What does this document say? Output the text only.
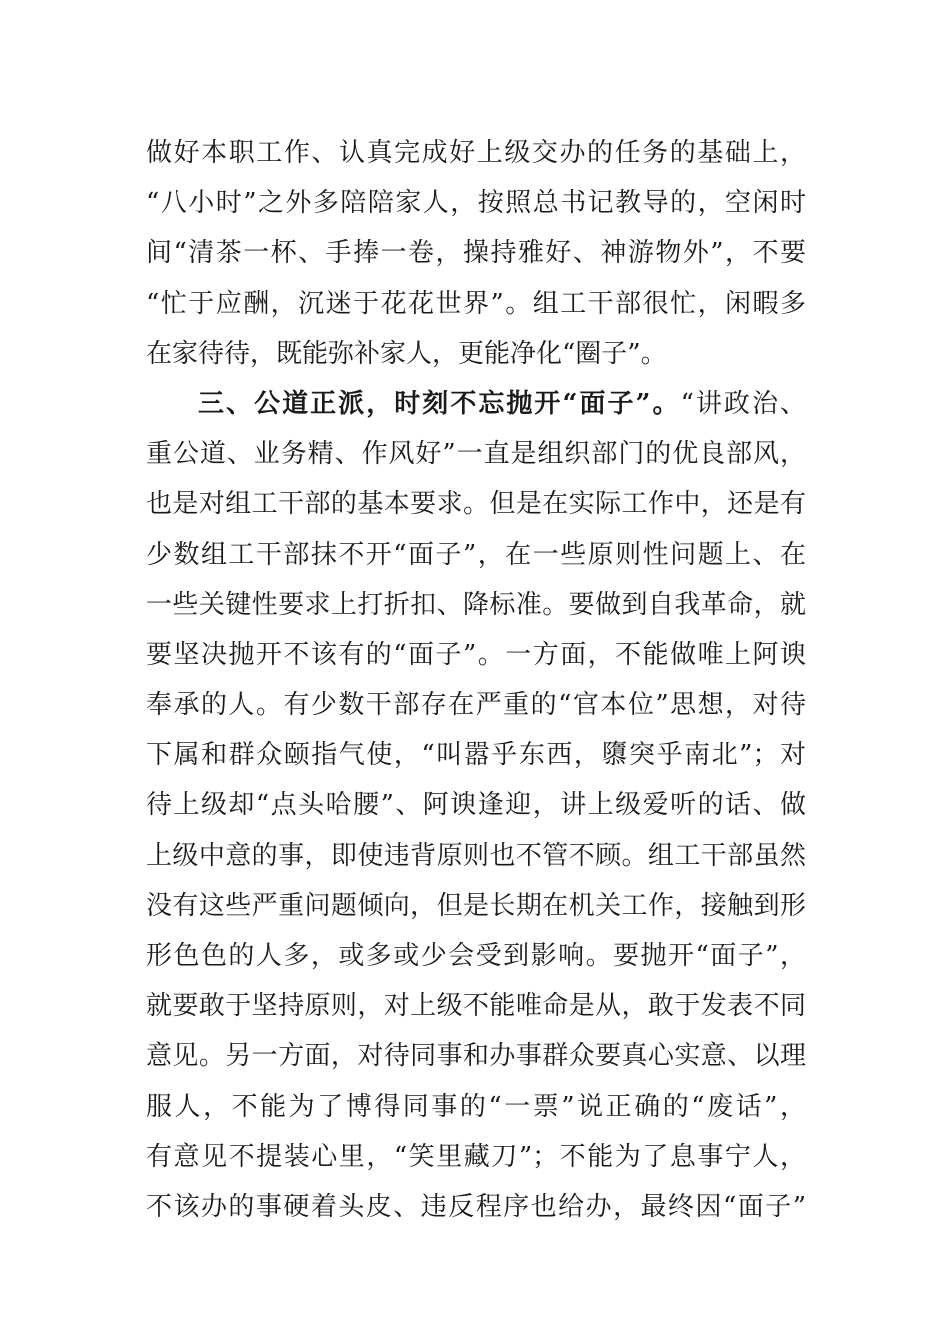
做好本职工作、认真完成好上级交办的任务的基础上，
“八小时”之外多陪陪家人，按照总书记教导的，空闲时
间“清茶一杯、手捧一卷，操持雅好、神游物外”，不要
“忙于应酬，沉迷于花花世界”。组工干部很忙，闲暇多
在家待待，既能弥补家人，更能净化“圈子”。
三、公道正派，时刻不忘抛开“面子”。“讲政治、
重公道、业务精、作风好”一直是组织部门的优良部风，
也是对组工干部的基本要求。但是在实际工作中，还是有
少数组工干部抹不开“面子”，在一些原则性问题上、在
一些关键性要求上打折扣、降标准。要做到自我革命，就
要坚决抛开不该有的“面子”。一方面，不能做唯上阿谀
奉承的人。有少数干部存在严重的“官本位”思想，对待
下属和群众颐指气使，“叫嚣乎东西，隳突乎南北”；对
待上级却“点头哈腰”、阿谀逢迎，讲上级爱听的话、做
上级中意的事，即使违背原则也不管不顾。组工干部虽然
没有这些严重问题倾向，但是长期在机关工作，接触到形
形色色的人多，或多或少会受到影响。要抛开“面子”，
就要敢于坚持原则，对上级不能唯命是从，敢于发表不同
意见。另一方面，对待同事和办事群众要真心实意、以理
服人，不能为了博得同事的“一票”说正确的“废话”，
有意见不提装心里，“笑里藏刀”；不能为了息事宁人，
不该办的事硬着头皮、违反程序也给办，最终因“面子”
